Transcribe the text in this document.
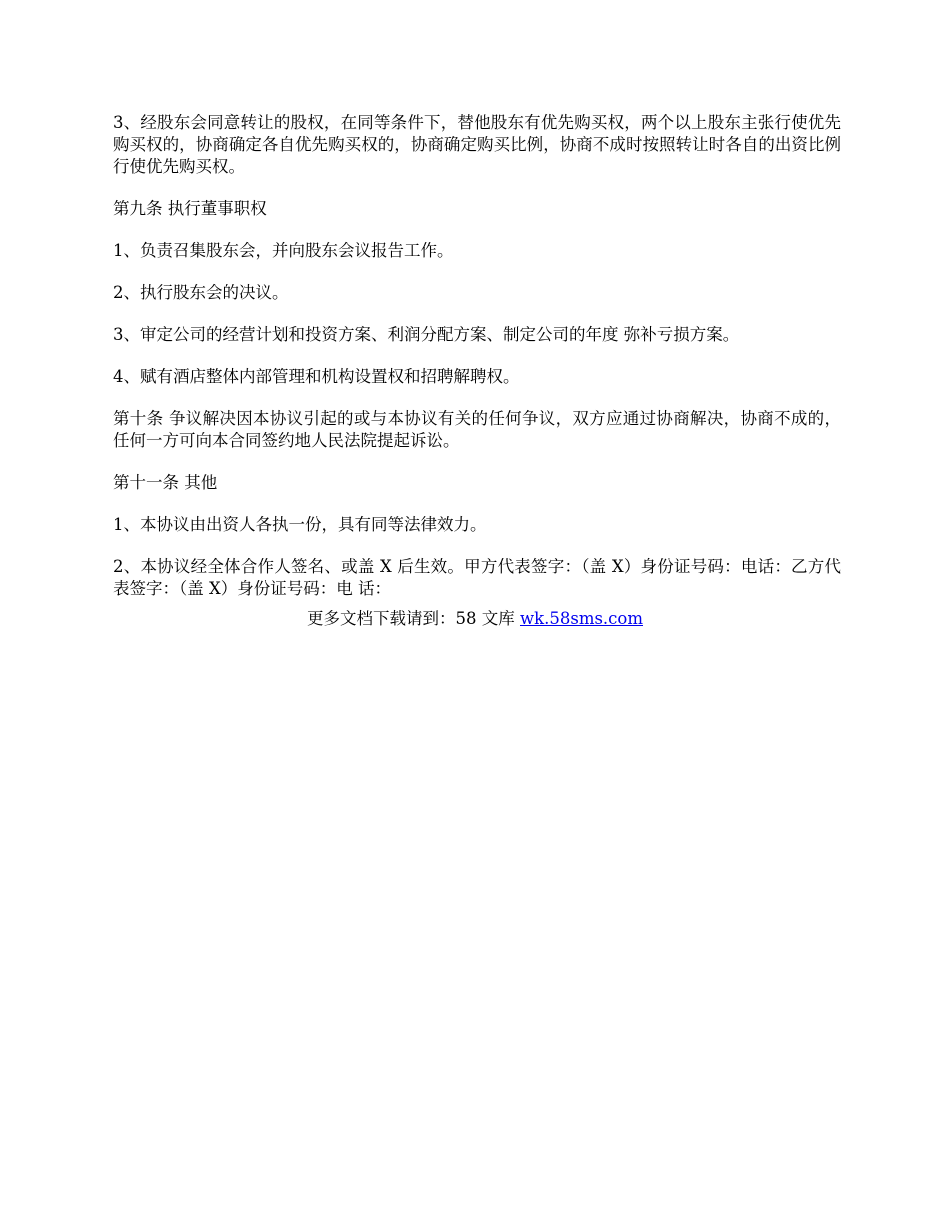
3、经股东会同意转让的股权，在同等条件下，替他股东有优先购买权，两个以上股东主张行使优先购买权的，协商确定各自优先购买权的，协商确定购买比例，协商不成时按照转让时各自的出资比例行使优先购买权。

第九条 执行董事职权

1、负责召集股东会，并向股东会议报告工作。

2、执行股东会的决议。

3、审定公司的经营计划和投资方案、利润分配方案、制定公司的年度 弥补亏损方案。

4、赋有酒店整体内部管理和机构设置权和招聘解聘权。

第十条 争议解决因本协议引起的或与本协议有关的任何争议，双方应通过协商解决，协商不成的，任何一方可向本合同签约地人民法院提起诉讼。

第十一条 其他

1、本协议由出资人各执一份，具有同等法律效力。

2、本协议经全体合作人签名、或盖 X 后生效。甲方代表签字：（盖 X）身份证号码：电话：乙方代表签字：（盖 X）身份证号码：电 话：

更多文档下载请到：58 文库 wk.58sms.com
